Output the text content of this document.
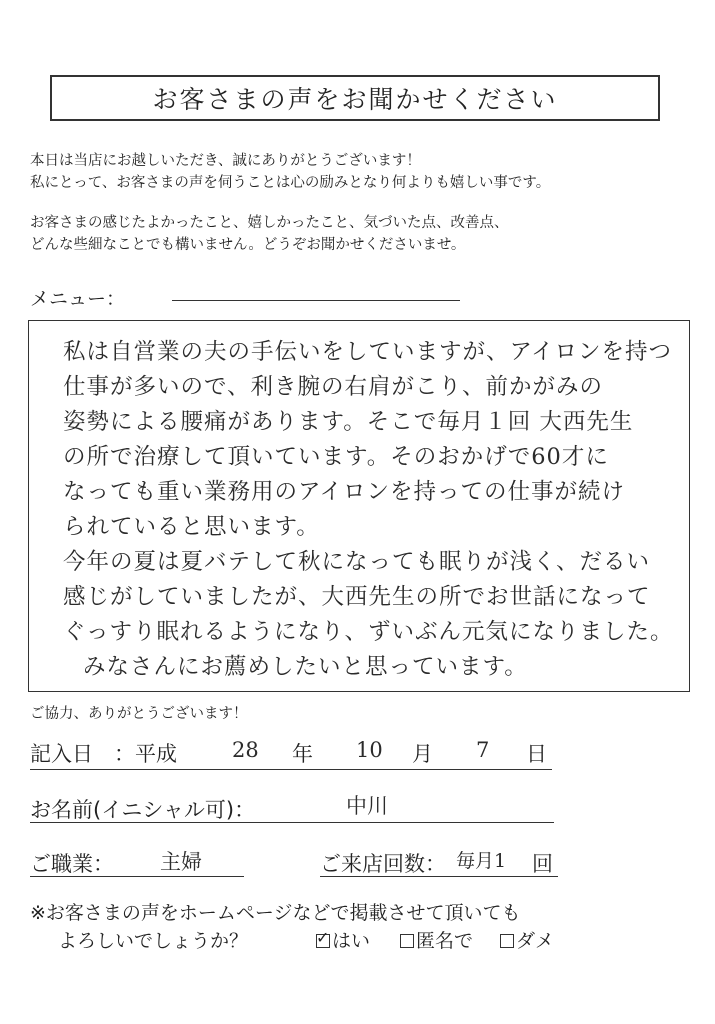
お客さまの声をお聞かせください
本日は当店にお越しいただき、誠にありがとうございます！
私にとって、お客さまの声を伺うことは心の励みとなり何よりも嬉しい事です。
お客さまの感じたよかったこと、嬉しかったこと、気づいた点、改善点、
どんな些細なことでも構いません。どうぞお聞かせくださいませ。
メニュー：
私は自営業の夫の手伝いをしていますが、アイロンを持つ
仕事が多いので、利き腕の右肩がこり、前かがみの
姿勢による腰痛があります。そこで毎月１回 大西先生
の所で治療して頂いています。そのおかげで60才に
なっても重い業務用のアイロンを持っての仕事が続け
られていると思います。
今年の夏は夏バテして秋になっても眠りが浅く、だるい
感じがしていましたが、大西先生の所でお世話になって
ぐっすり眠れるようになり、ずいぶん元気になりました。
みなさんにお薦めしたいと思っています。
ご協力、ありがとうございます！
記入日　：平成	28 年 10 月 7 日
お名前(イニシャル可)：	中川
ご職業： 主婦	ご来店回数： 毎月1 回
※お客さまの声をホームページなどで掲載させて頂いても
よろしいでしょうか？
✓	はい	匿名で	ダメ
